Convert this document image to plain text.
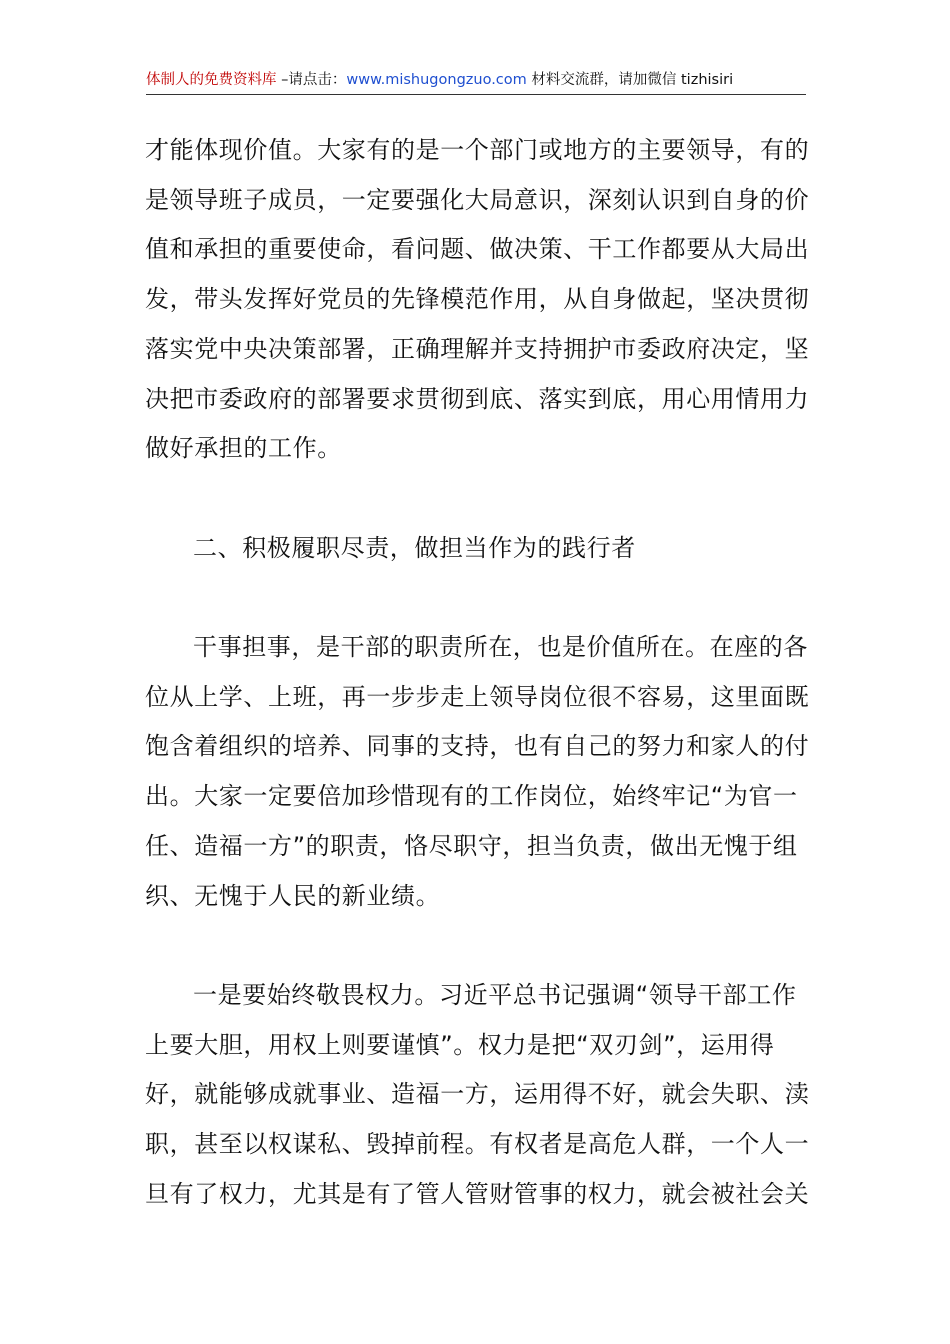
体制人的免费资料库 –请点击：www.mishugongzuo.com 材料交流群，请加微信 tizhisiri

才能体现价值。大家有的是一个部门或地方的主要领导，有的
是领导班子成员，一定要强化大局意识，深刻认识到自身的价
值和承担的重要使命，看问题、做决策、干工作都要从大局出
发，带头发挥好党员的先锋模范作用，从自身做起，坚决贯彻
落实党中央决策部署，正确理解并支持拥护市委政府决定，坚
决把市委政府的部署要求贯彻到底、落实到底，用心用情用力
做好承担的工作。

二、积极履职尽责，做担当作为的践行者

干事担事，是干部的职责所在，也是价值所在。在座的各
位从上学、上班，再一步步走上领导岗位很不容易，这里面既
饱含着组织的培养、同事的支持，也有自己的努力和家人的付
出。大家一定要倍加珍惜现有的工作岗位，始终牢记“为官一
任、造福一方”的职责，恪尽职守，担当负责，做出无愧于组
织、无愧于人民的新业绩。

一是要始终敬畏权力。习近平总书记强调“领导干部工作
上要大胆，用权上则要谨慎”。权力是把“双刃剑”，运用得
好，就能够成就事业、造福一方，运用得不好，就会失职、渎
职，甚至以权谋私、毁掉前程。有权者是高危人群，一个人一
旦有了权力，尤其是有了管人管财管事的权力，就会被社会关
